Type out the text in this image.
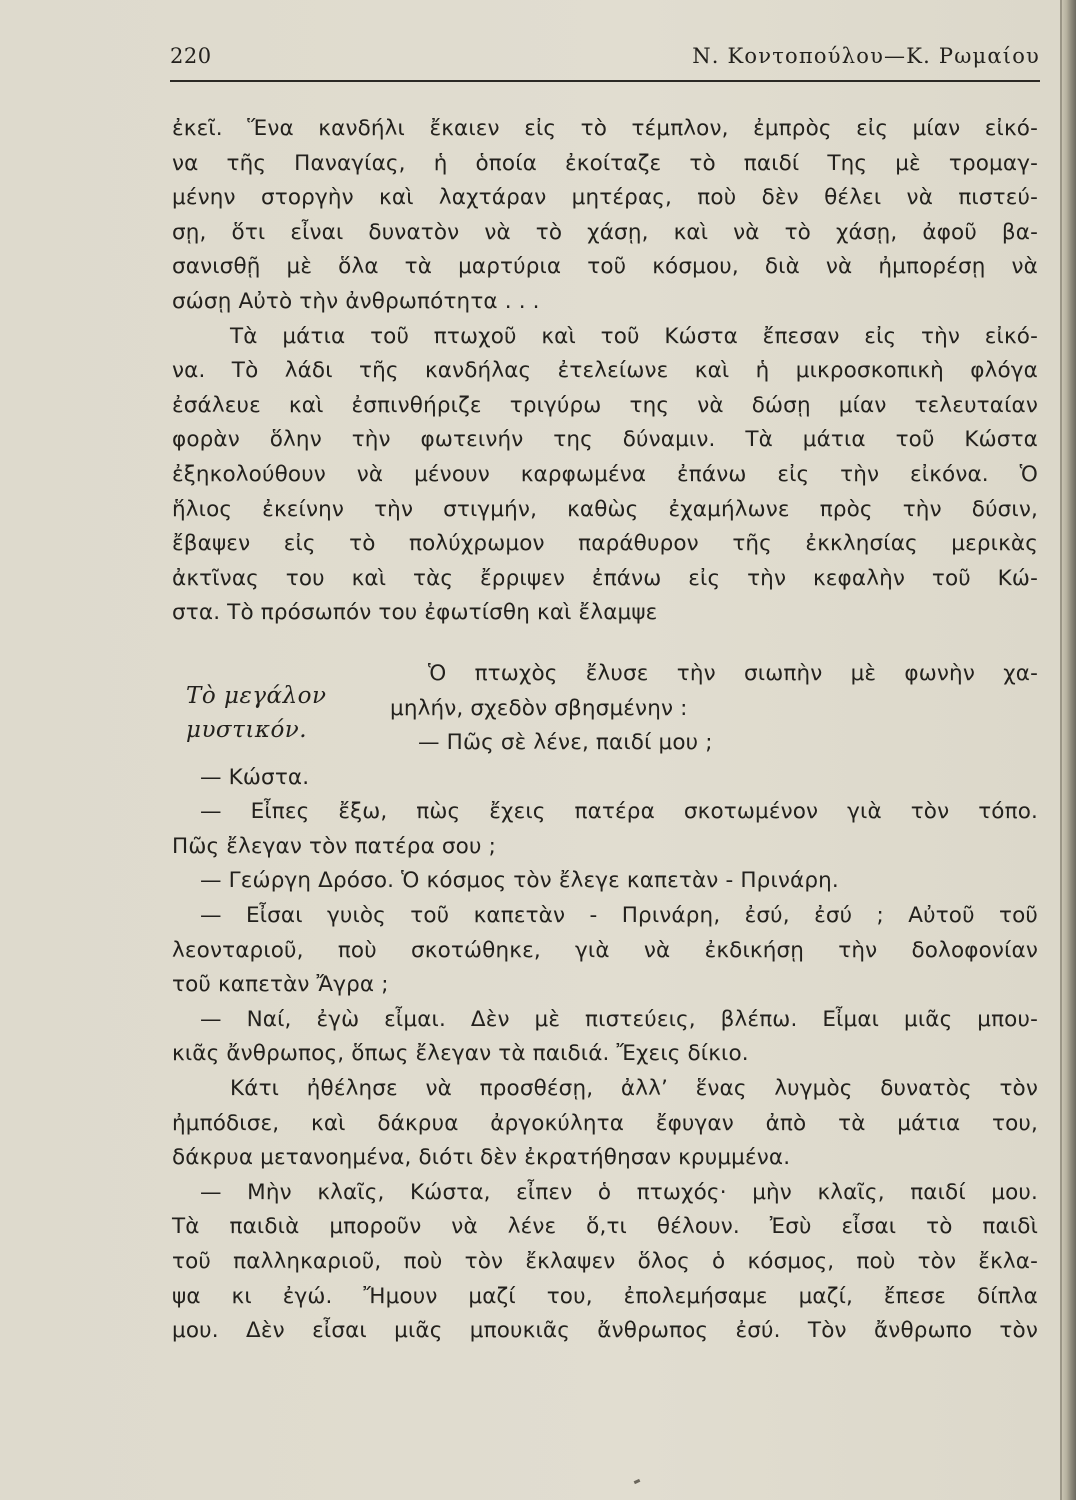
220	Ν. Κοντοπούλου—Κ. Ρωμαίου
ἐκεῖ. Ἕνα κανδήλι ἔκαιεν εἰς τὸ τέμπλον, ἐμπρὸς εἰς μίαν εἰκό-
να τῆς Παναγίας, ἡ ὁποία ἐκοίταζε τὸ παιδί Της μὲ τρομαγ-
μένην στοργὴν καὶ λαχτάραν μητέρας, ποὺ δὲν θέλει νὰ πιστεύ-
σῃ, ὅτι εἶναι δυνατὸν νὰ τὸ χάσῃ, καὶ νὰ τὸ χάσῃ, ἀφοῦ βα-
σανισθῇ μὲ ὅλα τὰ μαρτύρια τοῦ κόσμου, διὰ νὰ ἠμπορέσῃ νὰ
σώσῃ Αὐτὸ τὴν ἀνθρωπότητα . . .
Τὰ μάτια τοῦ πτωχοῦ καὶ τοῦ Κώστα ἔπεσαν εἰς τὴν εἰκό-
να. Τὸ λάδι τῆς κανδήλας ἐτελείωνε καὶ ἡ μικροσκοπικὴ φλόγα
ἐσάλευε καὶ ἐσπινθήριζε τριγύρω της νὰ δώσῃ μίαν τελευταίαν
φορὰν ὅλην τὴν φωτεινήν της δύναμιν. Τὰ μάτια τοῦ Κώστα
ἐξηκολούθουν νὰ μένουν καρφωμένα ἐπάνω εἰς τὴν εἰκόνα. Ὁ
ἥλιος ἐκείνην τὴν στιγμήν, καθὼς ἐχαμήλωνε πρὸς τὴν δύσιν,
ἔβαψεν εἰς τὸ πολύχρωμον παράθυρον τῆς ἐκκλησίας μερικὰς
ἀκτῖνας του καὶ τὰς ἔρριψεν ἐπάνω εἰς τὴν κεφαλὴν τοῦ Κώ-
στα. Τὸ πρόσωπόν του ἐφωτίσθη καὶ ἔλαμψε
Τὸ μεγάλον
μυστικόν.
Ὁ πτωχὸς ἔλυσε τὴν σιωπὴν μὲ φωνὴν χα-
μηλήν, σχεδὸν σβησμένην :
— Πῶς σὲ λένε, παιδί μου ;
— Κώστα.
— Εἶπες ἔξω, πὼς ἔχεις πατέρα σκοτωμένον γιὰ τὸν τόπο.
Πῶς ἔλεγαν τὸν πατέρα σου ;
— Γεώργη Δρόσο. Ὁ κόσμος τὸν ἔλεγε καπετὰν - Πρινάρη.
— Εἶσαι γυιὸς τοῦ καπετὰν - Πρινάρη, ἐσύ, ἐσύ ; Αὐτοῦ τοῦ
λεονταριοῦ, ποὺ σκοτώθηκε, γιὰ νὰ ἐκδικήσῃ τὴν δολοφονίαν
τοῦ καπετὰν Ἄγρα ;
— Ναί, ἐγὼ εἶμαι. Δὲν μὲ πιστεύεις, βλέπω. Εἶμαι μιᾶς μπου-
κιᾶς ἄνθρωπος, ὅπως ἔλεγαν τὰ παιδιά. Ἔχεις δίκιο.
Κάτι ἠθέλησε νὰ προσθέσῃ, ἀλλ’ ἕνας λυγμὸς δυνατὸς τὸν
ἠμπόδισε, καὶ δάκρυα ἀργοκύλητα ἔφυγαν ἀπὸ τὰ μάτια του,
δάκρυα μετανοημένα, διότι δὲν ἐκρατήθησαν κρυμμένα.
— Μὴν κλαῖς, Κώστα, εἶπεν ὁ πτωχός· μὴν κλαῖς, παιδί μου.
Τὰ παιδιὰ μποροῦν νὰ λένε ὅ,τι θέλουν. Ἐσὺ εἶσαι τὸ παιδὶ
τοῦ παλληκαριοῦ, ποὺ τὸν ἔκλαψεν ὅλος ὁ κόσμος, ποὺ τὸν ἔκλα-
ψα κι ἐγώ. Ἤμουν μαζί του, ἐπολεμήσαμε μαζί, ἔπεσε δίπλα
μου. Δὲν εἶσαι μιᾶς μπουκιᾶς ἄνθρωπος ἐσύ. Τὸν ἄνθρωπο τὸν
